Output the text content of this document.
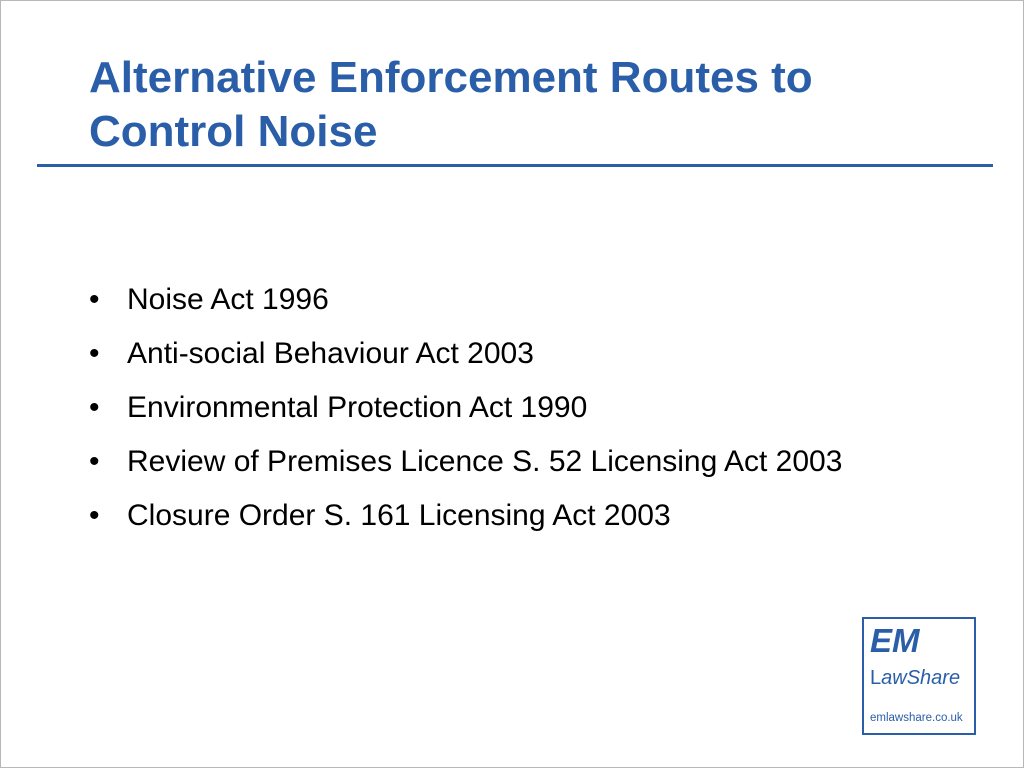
Alternative Enforcement Routes to Control Noise
• Noise Act 1996
• Anti-social Behaviour Act 2003
• Environmental Protection Act 1990
• Review of Premises Licence S. 52 Licensing Act 2003
• Closure Order S. 161 Licensing Act 2003
EM
LawShare
emlawshare.co.uk
